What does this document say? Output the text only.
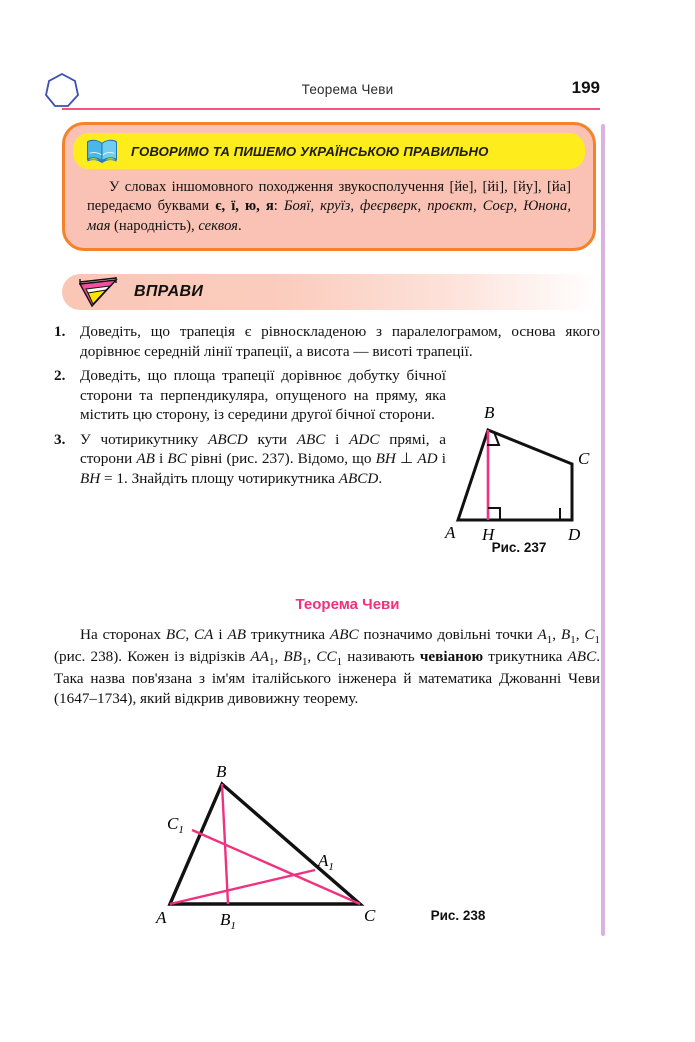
Теорема Чеви	199
ГОВОРИМО ТА ПИШЕМО УКРАЇНСЬКОЮ ПРАВИЛЬНО
У словах іншомовного походження звукосполучення [йе], [йі], [йу], [йа] передаємо буквами є, ї, ю, я: Бояї, круїз, феєрверк, проєкт, Соєр, Юнона, мая (народність), секвоя.
ВПРАВИ
1. Доведіть, що трапеція є рівноскладеною з паралелограмом, основа якого дорівнює середній лінії трапеції, а висота — висоті трапеції.
2. Доведіть, що площа трапеції дорівнює добутку бічної сторони та перпендикуляра, опущеного на пряму, яка містить цю сторону, із середини другої бічної сторони.
3. У чотирикутнику ABCD кути ABC і ADC прямі, а сторони AB і BC рівні (рис. 237). Відомо, що BH ⊥ AD і BH = 1. Знайдіть площу чотирикутника ABCD.
B
C
A H	D
Рис. 237
Теорема Чеви
На сторонах BC, CA і AB трикутника ABC позначимо довільні точки $A_1$, $B_1$, $C_1$ (рис. 238). Кожен із відрізків $AA_1$, $BB_1$, $CC_1$ називають чевіаною трикутника ABC. Така назва пов'язана з ім'ям італійського інженера й математика Джованні Чеви (1647–1734), який відкрив дивовижну теорему.
B
$C_1$
$A_1$
A	$B_1$
C	Рис. 238
